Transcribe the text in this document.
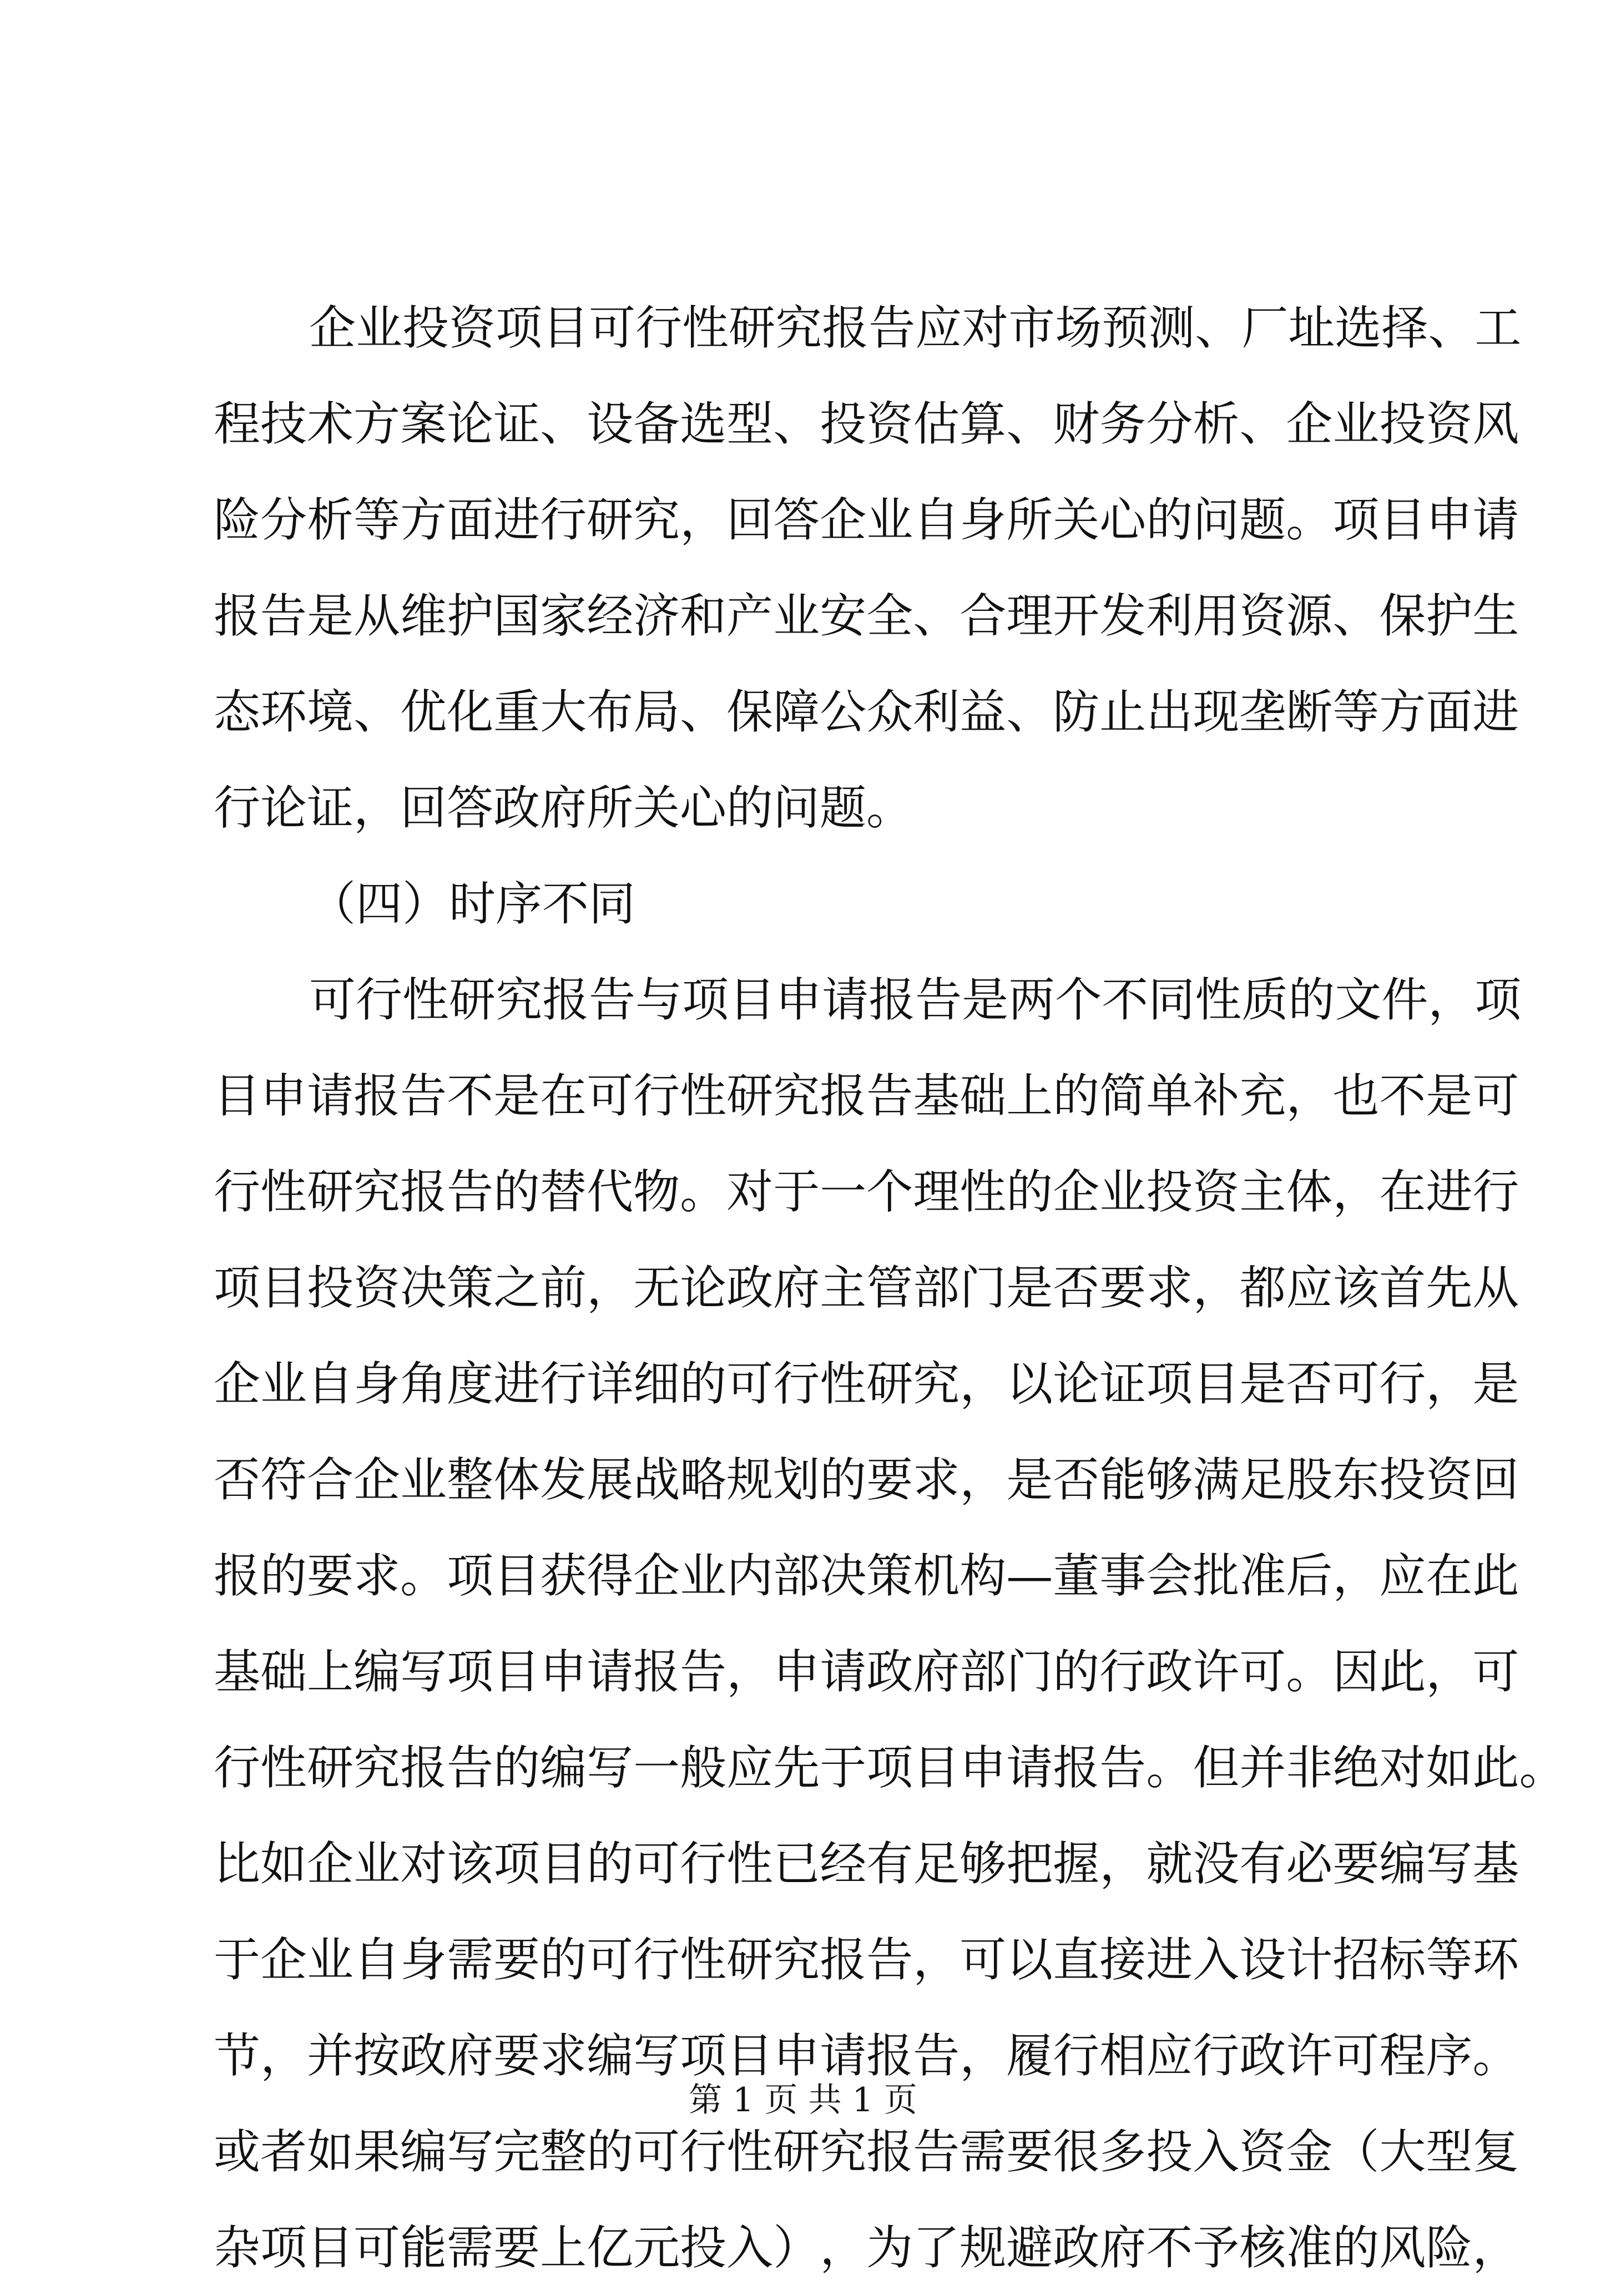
企 业 投 资 项 目 可 行 性 研 究 报 告 应 对 市 场 预 测 、 厂 址 选 择 、 工
程 技 术 方 案 论 证 、 设 备 选 型 、 投 资 估 算 、 财 务 分 析 、 企 业 投 资 风
险 分 析 等 方 面 进 行 研 究 ， 回 答 企 业 自 身 所 关 心 的 问 题 。 项 目 申 请
报 告 是 从 维 护 国 家 经 济 和 产 业 安 全 、 合 理 开 发 利 用 资 源 、 保 护 生
态 环 境 、 优 化 重 大 布 局 、 保 障 公 众 利 益 、 防 止 出 现 垄 断 等 方 面 进
行论证，回答政府所关心的问题。
（四）时序不同
可 行 性 研 究 报 告 与 项 目 申 请 报 告 是 两 个 不 同 性 质 的 文 件 ， 项
目 申 请 报 告 不 是 在 可 行 性 研 究 报 告 基 础 上 的 简 单 补 充 ， 也 不 是 可
行 性 研 究 报 告 的 替 代 物 。 对 于 一 个 理 性 的 企 业 投 资 主 体 ， 在 进 行
项 目 投 资 决 策 之 前 ， 无 论 政 府 主 管 部 门 是 否 要 求 ， 都 应 该 首 先 从
企 业 自 身 角 度 进 行 详 细 的 可 行 性 研 究 ， 以 论 证 项 目 是 否 可 行 ， 是
否 符 合 企 业 整 体 发 展 战 略 规 划 的 要 求 ， 是 否 能 够 满 足 股 东 投 资 回
报 的 要 求 。 项 目 获 得 企 业 内 部 决 策 机 构 — 董 事 会 批 准 后 ， 应 在 此
基 础 上 编 写 项 目 申 请 报 告 ， 申 请 政 府 部 门 的 行 政 许 可 。 因 此 ， 可
行 性 研 究 报 告 的 编 写 一 般 应 先 于 项 目 申 请 报 告 。 但 并 非 绝 对 如 此 。
比 如 企 业 对 该 项 目 的 可 行 性 已 经 有 足 够 把 握 ， 就 没 有 必 要 编 写 基
于 企 业 自 身 需 要 的 可 行 性 研 究 报 告 ， 可 以 直 接 进 入 设 计 招 标 等 环
节 ， 并 按 政 府 要 求 编 写 项 目 申 请 报 告 ， 履 行 相 应 行 政 许 可 程 序 。
或 者 如 果 编 写 完 整 的 可 行 性 研 究 报 告 需 要 很 多 投 入 资 金 （ 大 型 复
杂 项 目 可 能 需 要 上 亿 元 投 入 ） ， 为 了 规 避 政 府 不 予 核 准 的 风 险 ，
第 1 页 共 1 页
